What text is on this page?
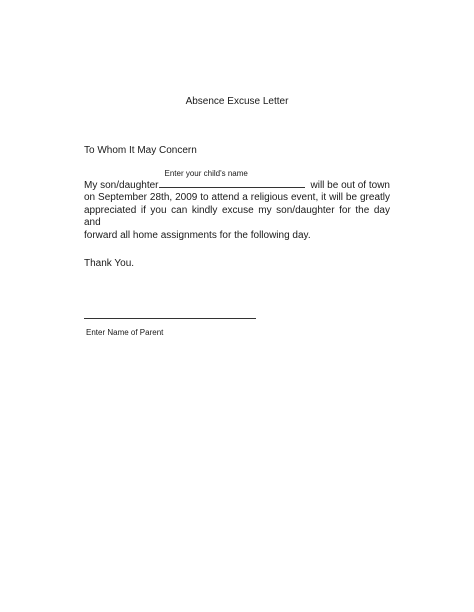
Absence Excuse Letter
To Whom It May Concern
My son/daughter
Enter your child's name
will be out of town
on September 28th, 2009 to attend a religious event, it will be greatly
appreciated if you can kindly excuse my son/daughter for the day and
forward all home assignments for the following day.
Thank You.
Enter Name of Parent
